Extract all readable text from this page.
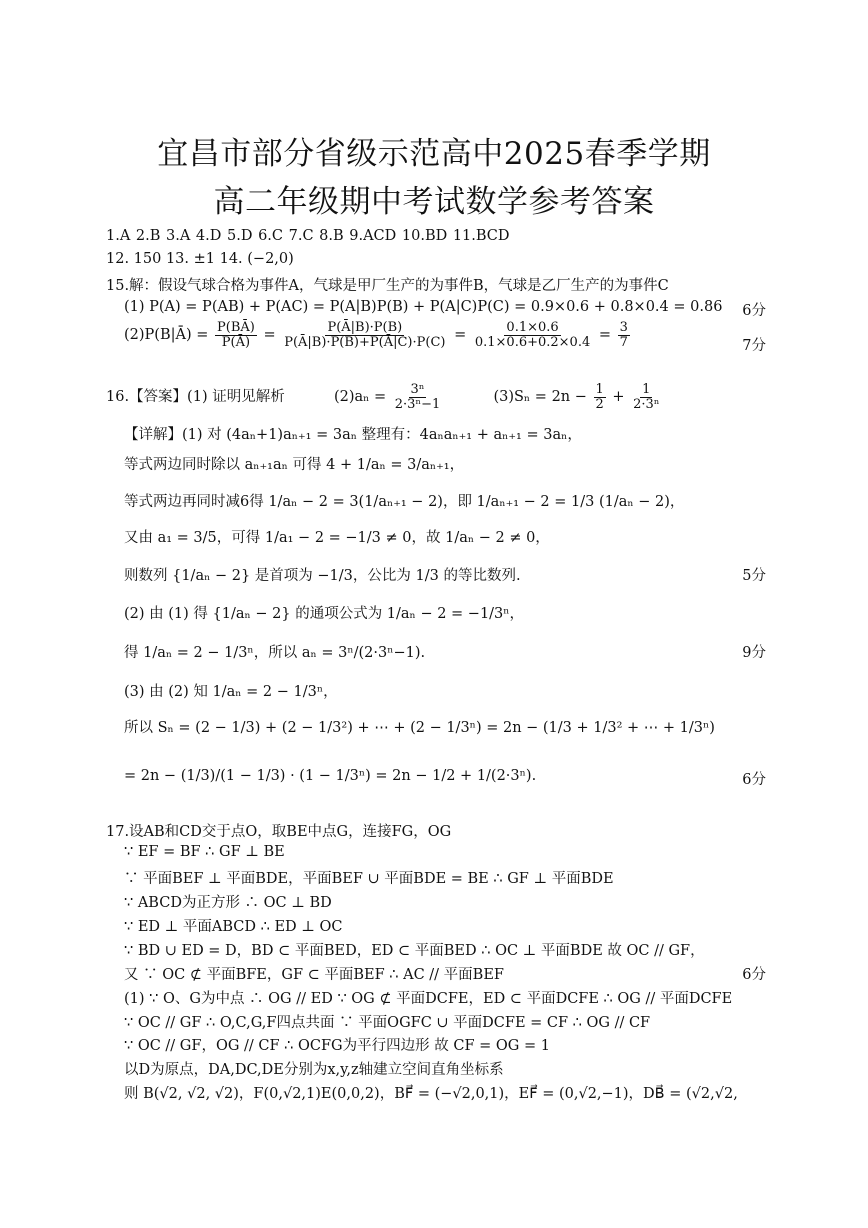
宜昌市部分省级示范高中2025春季学期
高二年级期中考试数学参考答案
1.A 2.B 3.A 4.D 5.D 6.C 7.C 8.B 9.ACD 10.BD 11.BCD
12. 150 13. ±1 14. (−2,0)
15.解：假设气球合格为事件A，气球是甲厂生产的为事件B，气球是乙厂生产的为事件C
(1) P(A) = P(AB) + P(AC) = P(A|B)P(B) + P(A|C)P(C) = 0.9×0.6 + 0.8×0.4 = 0.86 6分
(2)P(B|Ā) = $\frac{P(BĀ)}{P(Ā)} = \frac{P(Ā|B)\cdot P(B)}{P(Ā|B)\cdot P(B)+P(Ā|C)\cdot P(C)} = \frac{0.1\times 0.6}{0.1\times 0.6+0.2\times 0.4} = \frac{3}{7}$	7分
16.【答案】(1) 证明见解析	$(2)a_n = \frac{\text{3ⁿ}}{\text{2·3ⁿ−1}}$	$(3)S_n = 2n - \frac{1}{2} + \frac{1}{\text{2·3ⁿ}}$
【详解】(1) 对 (4aₙ+1)aₙ₊₁ = 3aₙ 整理有：4aₙaₙ₊₁ + aₙ₊₁ = 3aₙ，
等式两边同时除以 aₙ₊₁aₙ 可得 4 + 1/aₙ = 3/aₙ₊₁，
等式两边再同时减6得 1/aₙ − 2 = 3(1/aₙ₊₁ − 2)，即 1/aₙ₊₁ − 2 = 1/3 (1/aₙ − 2)，
又由 a₁ = 3/5，可得 1/a₁ − 2 = −1/3 ≠ 0，故 1/aₙ − 2 ≠ 0，
则数列 {1/aₙ − 2} 是首项为 −1/3，公比为 1/3 的等比数列.	5分
(2) 由 (1) 得 {1/aₙ − 2} 的通项公式为 1/aₙ − 2 = −1/3ⁿ，
得 1/aₙ = 2 − 1/3ⁿ，所以 aₙ = 3ⁿ/(2·3ⁿ−1).	9分
(3) 由 (2) 知 1/aₙ = 2 − 1/3ⁿ，
所以 Sₙ = (2 − 1/3) + (2 − 1/3²) + ⋯ + (2 − 1/3ⁿ) = 2n − (1/3 + 1/3² + ⋯ + 1/3ⁿ)
= 2n − (1/3)/(1 − 1/3) · (1 − 1/3ⁿ) = 2n − 1/2 + 1/(2·3ⁿ).	6分
17.设AB和CD交于点O，取BE中点G，连接FG，OG
∵ EF = BF ∴ GF ⊥ BE
∵ 平面BEF ⊥ 平面BDE，平面BEF ∪ 平面BDE = BE ∴ GF ⊥ 平面BDE
∵ ABCD为正方形 ∴ OC ⊥ BD
∵ ED ⊥ 平面ABCD ∴ ED ⊥ OC
∵ BD ∪ ED = D，BD ⊂ 平面BED，ED ⊂ 平面BED ∴ OC ⊥ 平面BDE 故 OC // GF，
又 ∵ OC ⊄ 平面BFE，GF ⊂ 平面BEF ∴ AC // 平面BEF	6分
(1) ∵ O、G为中点 ∴ OG // ED ∵ OG ⊄ 平面DCFE，ED ⊂ 平面DCFE ∴ OG // 平面DCFE
∵ OC // GF ∴ O,C,G,F四点共面 ∵ 平面OGFC ∪ 平面DCFE = CF ∴ OG // CF
∵ OC // GF，OG // CF ∴ OCFG为平行四边形 故 CF = OG = 1
以D为原点，DA,DC,DE分别为x,y,z轴建立空间直角坐标系
则 B(√2, √2, √2)，F(0,√2,1)E(0,0,2)，BF⃗ = (−√2,0,1)，EF⃗ = (0,√2,−1)，DB⃗ = (√2,√2,
